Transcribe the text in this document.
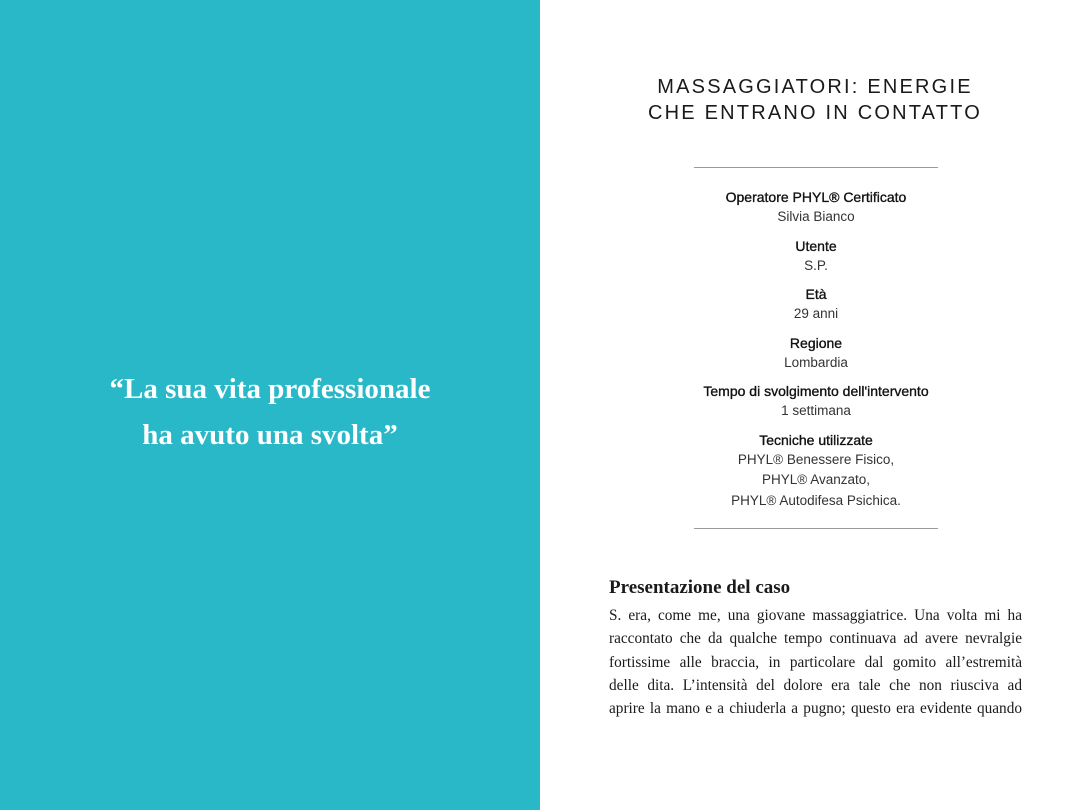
“La sua vita professionale
ha avuto una svolta”
MASSAGGIATORI: ENERGIE
CHE ENTRANO IN CONTATTO
Operatore PHYL® Certificato
Silvia Bianco
Utente
S.P.
Età
29 anni
Regione
Lombardia
Tempo di svolgimento dell'intervento
1 settimana
Tecniche utilizzate
PHYL® Benessere Fisico,
PHYL® Avanzato,
PHYL® Autodifesa Psichica.
Presentazione del caso
S. era, come me, una giovane massaggiatrice. Una volta mi ha
raccontato che da qualche tempo continuava ad avere nevralgie
fortissime alle braccia, in particolare dal gomito all’estremità
delle dita. L’intensità del dolore era tale che non riusciva ad
aprire la mano e a chiuderla a pugno; questo era evidente quando
